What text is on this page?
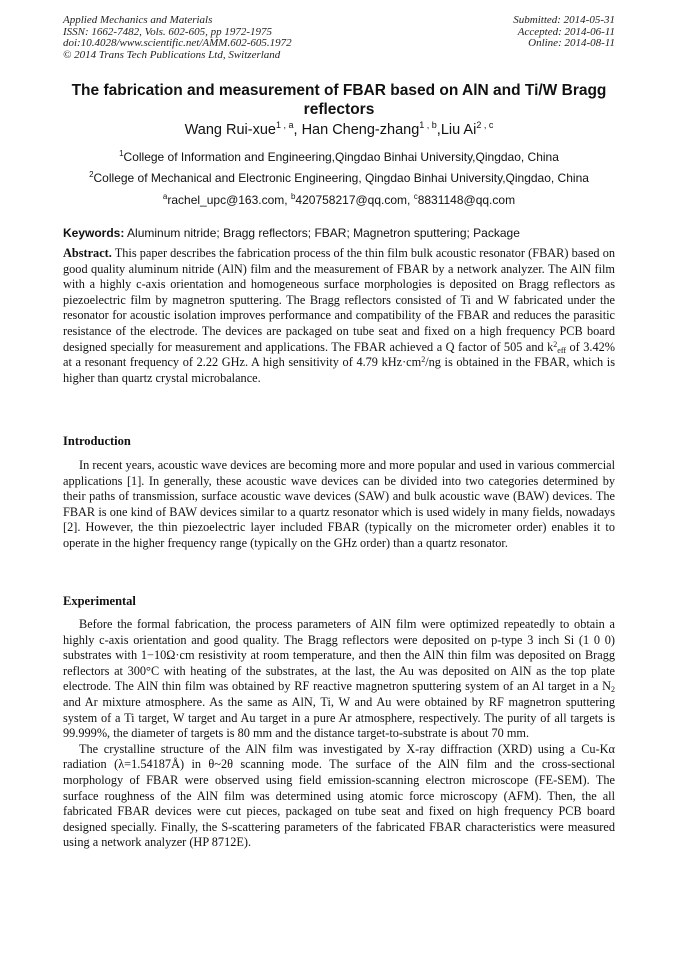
Applied Mechanics and Materials
ISSN: 1662-7482, Vols. 602-605, pp 1972-1975
doi:10.4028/www.scientific.net/AMM.602-605.1972
© 2014 Trans Tech Publications Ltd, Switzerland
Submitted: 2014-05-31
Accepted: 2014-06-11
Online: 2014-08-11
The fabrication and measurement of FBAR based on AlN and Ti/W Bragg
reflectors
Wang Rui-xue$^{1 , a}$, Han Cheng-zhang$^{1 , b}$,Liu Ai$^{2 , c}$
$^1$College of Information and Engineering,Qingdao Binhai University,Qingdao, China
$^2$College of Mechanical and Electronic Engineering, Qingdao Binhai University,Qingdao, China
$^a$rachel_upc@163.com, $^b$420758217@qq.com, $^c$8831148@qq.com
Keywords: Aluminum nitride; Bragg reflectors; FBAR; Magnetron sputtering; Package

Abstract. This paper describes the fabrication process of the thin film bulk acoustic resonator (FBAR) based on good quality aluminum nitride (AlN) film and the measurement of FBAR by a network analyzer. The AlN film with a highly c-axis orientation and homogeneous surface morphologies is deposited on Bragg reflectors as piezoelectric film by magnetron sputtering. The Bragg reflectors consisted of Ti and W fabricated under the resonator for acoustic isolation improves performance and compatibility of the FBAR and reduces the parasitic resistance of the electrode. The devices are packaged on tube seat and fixed on a high frequency PCB board designed specially for measurement and applications. The FBAR achieved a Q factor of 505 and $k^2_{eff}$ of 3.42% at a resonant frequency of 2.22 GHz. A high sensitivity of 4.79 $kHz\cdot cm^2/ng$ is obtained in the FBAR, which is higher than quartz crystal microbalance.

Introduction

In recent years, acoustic wave devices are becoming more and more popular and used in various commercial applications [1]. In generally, these acoustic wave devices can be divided into two categories determined by their paths of transmission, surface acoustic wave devices (SAW) and bulk acoustic wave (BAW) devices. The FBAR is one kind of BAW devices similar to a quartz resonator which is used widely in many fields, nowadays [2]. However, the thin piezoelectric layer included FBAR (typically on the micrometer order) enables it to operate in the higher frequency range (typically on the GHz order) than a quartz resonator.

Experimental

Before the formal fabrication, the process parameters of AlN film were optimized repeatedly to obtain a highly c-axis orientation and good quality. The Bragg reflectors were deposited on p-type 3 inch Si (1 0 0) substrates with 1−10Ω·cm resistivity at room temperature, and then the AlN thin film was deposited on Bragg reflectors at 300°C with heating of the substrates, at the last, the Au was deposited on AlN as the top plate electrode. The AlN thin film was obtained by RF reactive magnetron sputtering system of an Al target in a $N_2$ and Ar mixture atmosphere. As the same as AlN, Ti, W and Au were obtained by RF magnetron sputtering system of a Ti target, W target and Au target in a pure Ar atmosphere, respectively. The purity of all targets is 99.999%, the diameter of targets is 80 mm and the distance target-to-substrate is about 70 mm.

The crystalline structure of the AlN film was investigated by X-ray diffraction (XRD) using a Cu-Kα radiation (λ=1.54187Å) in θ~2θ scanning mode. The surface of the AlN film and the cross-sectional morphology of FBAR were observed using field emission-scanning electron microscope (FE-SEM). The surface roughness of the AlN film was determined using atomic force microscopy (AFM). Then, the all fabricated FBAR devices were cut pieces, packaged on tube seat and fixed on high frequency PCB board designed specially. Finally, the S-scattering parameters of the fabricated FBAR characteristics were measured using a network analyzer (HP 8712E).
